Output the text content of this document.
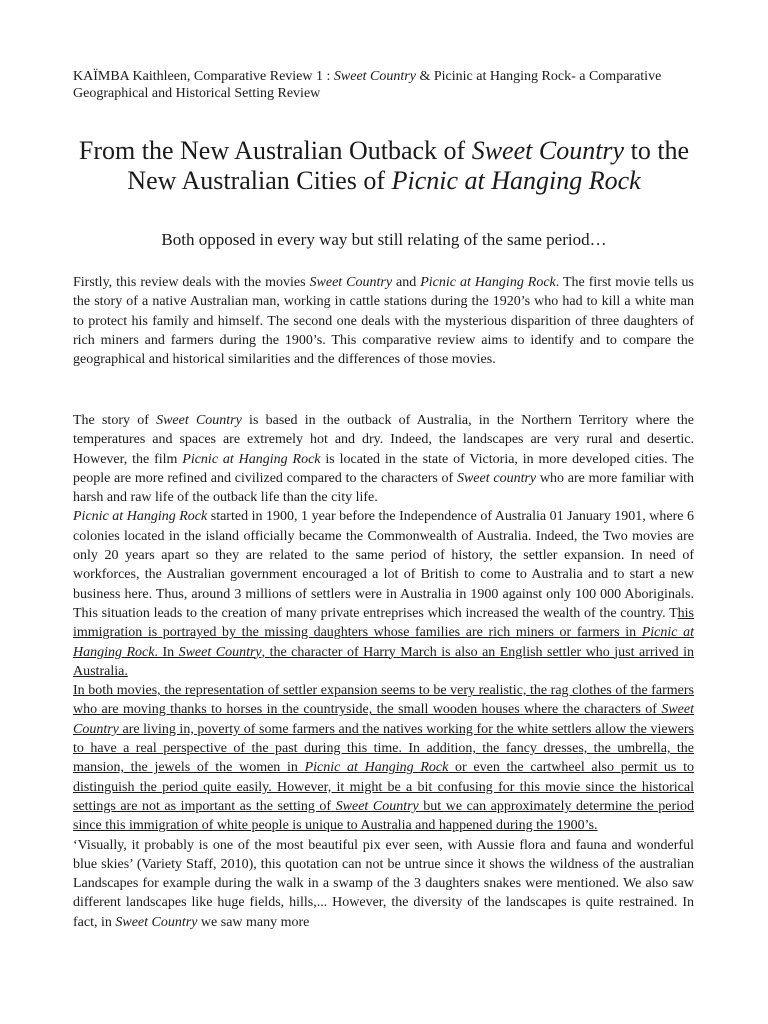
KAÏMBA Kaithleen, Comparative Review 1 : Sweet Country & Picinic at Hanging Rock- a Comparative Geographical and Historical Setting Review
From the New Australian Outback of Sweet Country to the New Australian Cities of Picnic at Hanging Rock
Both opposed in every way but still relating of the same period…
Firstly, this review deals with the movies Sweet Country and Picnic at Hanging Rock. The first movie tells us the story of a native Australian man, working in cattle stations during the 1920’s who had to kill a white man to protect his family and himself. The second one deals with the mysterious disparition of three daughters of rich miners and farmers during the 1900’s. This comparative review aims to identify and to compare the geographical and historical similarities and the differences of those movies.
The story of Sweet Country is based in the outback of Australia, in the Northern Territory where the temperatures and spaces are extremely hot and dry. Indeed, the landscapes are very rural and desertic. However, the film Picnic at Hanging Rock is located in the state of Victoria, in more developed cities. The people are more refined and civilized compared to the characters of Sweet country who are more familiar with harsh and raw life of the outback life than the city life.
Picnic at Hanging Rock started in 1900, 1 year before the Independence of Australia 01 January 1901, where 6 colonies located in the island officially became the Commonwealth of Australia. Indeed, the Two movies are only 20 years apart so they are related to the same period of history, the settler expansion. In need of workforces, the Australian government encouraged a lot of British to come to Australia and to start a new business here. Thus, around 3 millions of settlers were in Australia in 1900 against only 100 000 Aboriginals. This situation leads to the creation of many private entreprises which increased the wealth of the country. This immigration is portrayed by the missing daughters whose families are rich miners or farmers in Picnic at Hanging Rock. In Sweet Country, the character of Harry March is also an English settler who just arrived in Australia.
In both movies, the representation of settler expansion seems to be very realistic, the rag clothes of the farmers who are moving thanks to horses in the countryside, the small wooden houses where the characters of Sweet Country are living in, poverty of some farmers and the natives working for the white settlers allow the viewers to have a real perspective of the past during this time. In addition, the fancy dresses, the umbrella, the mansion, the jewels of the women in Picnic at Hanging Rock or even the cartwheel also permit us to distinguish the period quite easily. However, it might be a bit confusing for this movie since the historical settings are not as important as the setting of Sweet Country but we can approximately determine the period since this immigration of white people is unique to Australia and happened during the 1900’s.
‘Visually, it probably is one of the most beautiful pix ever seen, with Aussie flora and fauna and wonderful blue skies’ (Variety Staff, 2010), this quotation can not be untrue since it shows the wildness of the australian Landscapes for example during the walk in a swamp of the 3 daughters snakes were mentioned. We also saw different landscapes like huge fields, hills,... However, the diversity of the landscapes is quite restrained. In fact, in Sweet Country we saw many more
